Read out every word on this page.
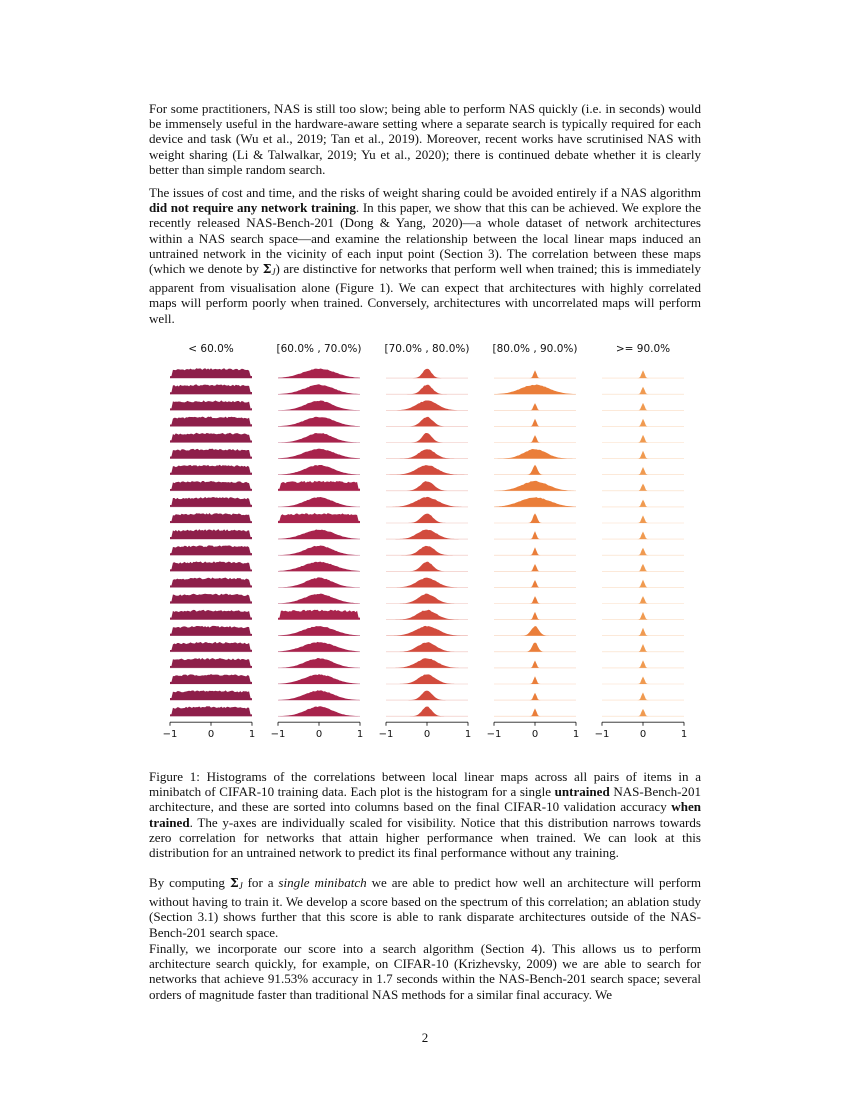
For some practitioners, NAS is still too slow; being able to perform NAS quickly (i.e. in seconds) would be immensely useful in the hardware-aware setting where a separate search is typically required for each device and task (Wu et al., 2019; Tan et al., 2019). Moreover, recent works have scrutinised NAS with weight sharing (Li & Talwalkar, 2019; Yu et al., 2020); there is continued debate whether it is clearly better than simple random search.
The issues of cost and time, and the risks of weight sharing could be avoided entirely if a NAS algorithm did not require any network training. In this paper, we show that this can be achieved. We explore the recently released NAS-Bench-201 (Dong & Yang, 2020)—a whole dataset of network architectures within a NAS search space—and examine the relationship between the local linear maps induced an untrained network in the vicinity of each input point (Section 3). The correlation between these maps (which we denote by $\Sigma_J$) are distinctive for networks that perform well when trained; this is immediately apparent from visualisation alone (Figure 1). We can expect that architectures with highly correlated maps will perform poorly when trained. Conversely, architectures with uncorrelated maps will perform well.
< 60.0%	[60.0% , 70.0%) [70.0% , 80.0%) [80.0% , 90.0%)	>= 90.0%
−1	0	1 −1	0	1 −1	0	1 −1	0	1 −1	0	1
Figure 1: Histograms of the correlations between local linear maps across all pairs of items in a minibatch of CIFAR-10 training data. Each plot is the histogram for a single untrained NAS-Bench-201 architecture, and these are sorted into columns based on the final CIFAR-10 validation accuracy when trained. The y-axes are individually scaled for visibility. Notice that this distribution narrows towards zero correlation for networks that attain higher performance when trained. We can look at this distribution for an untrained network to predict its final performance without any training.
By computing $\Sigma_J$ for a single minibatch we are able to predict how well an architecture will perform without having to train it. We develop a score based on the spectrum of this correlation; an ablation study (Section 3.1) shows further that this score is able to rank disparate architectures outside of the NAS-Bench-201 search space.
Finally, we incorporate our score into a search algorithm (Section 4). This allows us to perform architecture search quickly, for example, on CIFAR-10 (Krizhevsky, 2009) we are able to search for networks that achieve 91.53% accuracy in 1.7 seconds within the NAS-Bench-201 search space; several orders of magnitude faster than traditional NAS methods for a similar final accuracy. We
2
